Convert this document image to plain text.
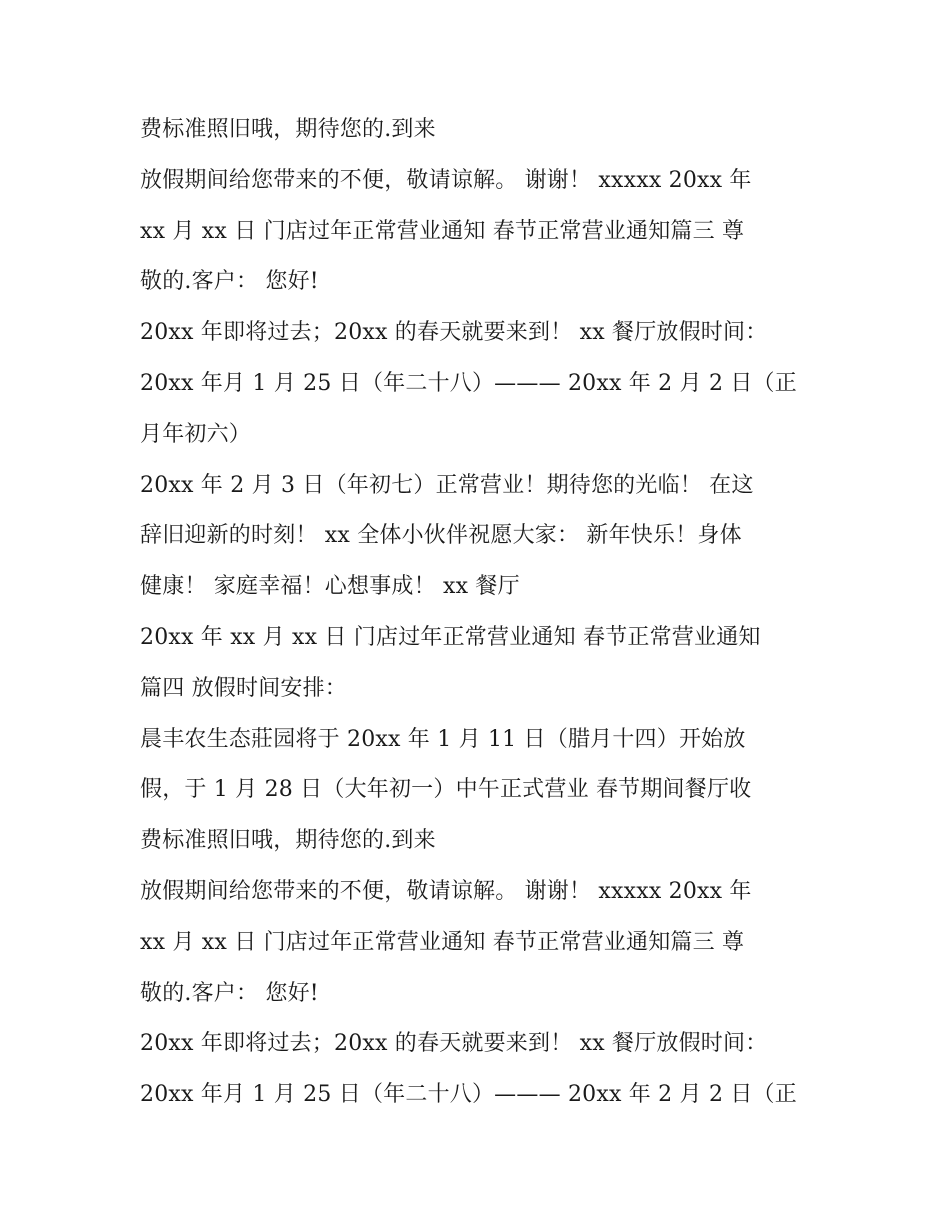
费标准照旧哦，期待您的.到来
放假期间给您带来的不便，敬请谅解。 谢谢！ xxxxx 20xx 年
xx 月 xx 日 门店过年正常营业通知 春节正常营业通知篇三 尊
敬的.客户： 您好!
20xx 年即将过去；20xx 的春天就要来到！ xx 餐厅放假时间：
20xx 年月 1 月 25 日（年二十八）——— 20xx 年 2 月 2 日（正
月年初六）
20xx 年 2 月 3 日（年初七）正常营业！期待您的光临！ 在这
辞旧迎新的时刻！ xx 全体小伙伴祝愿大家： 新年快乐！身体
健康！ 家庭幸福！心想事成！ xx 餐厅
20xx 年 xx 月 xx 日 门店过年正常营业通知 春节正常营业通知
篇四 放假时间安排：
晨丰农生态莊园将于 20xx 年 1 月 11 日（腊月十四）开始放
假，于 1 月 28 日（大年初一）中午正式营业 春节期间餐厅收
费标准照旧哦，期待您的.到来
放假期间给您带来的不便，敬请谅解。 谢谢！ xxxxx 20xx 年
xx 月 xx 日 门店过年正常营业通知 春节正常营业通知篇三 尊
敬的.客户： 您好!
20xx 年即将过去；20xx 的春天就要来到！ xx 餐厅放假时间：
20xx 年月 1 月 25 日（年二十八）——— 20xx 年 2 月 2 日（正
